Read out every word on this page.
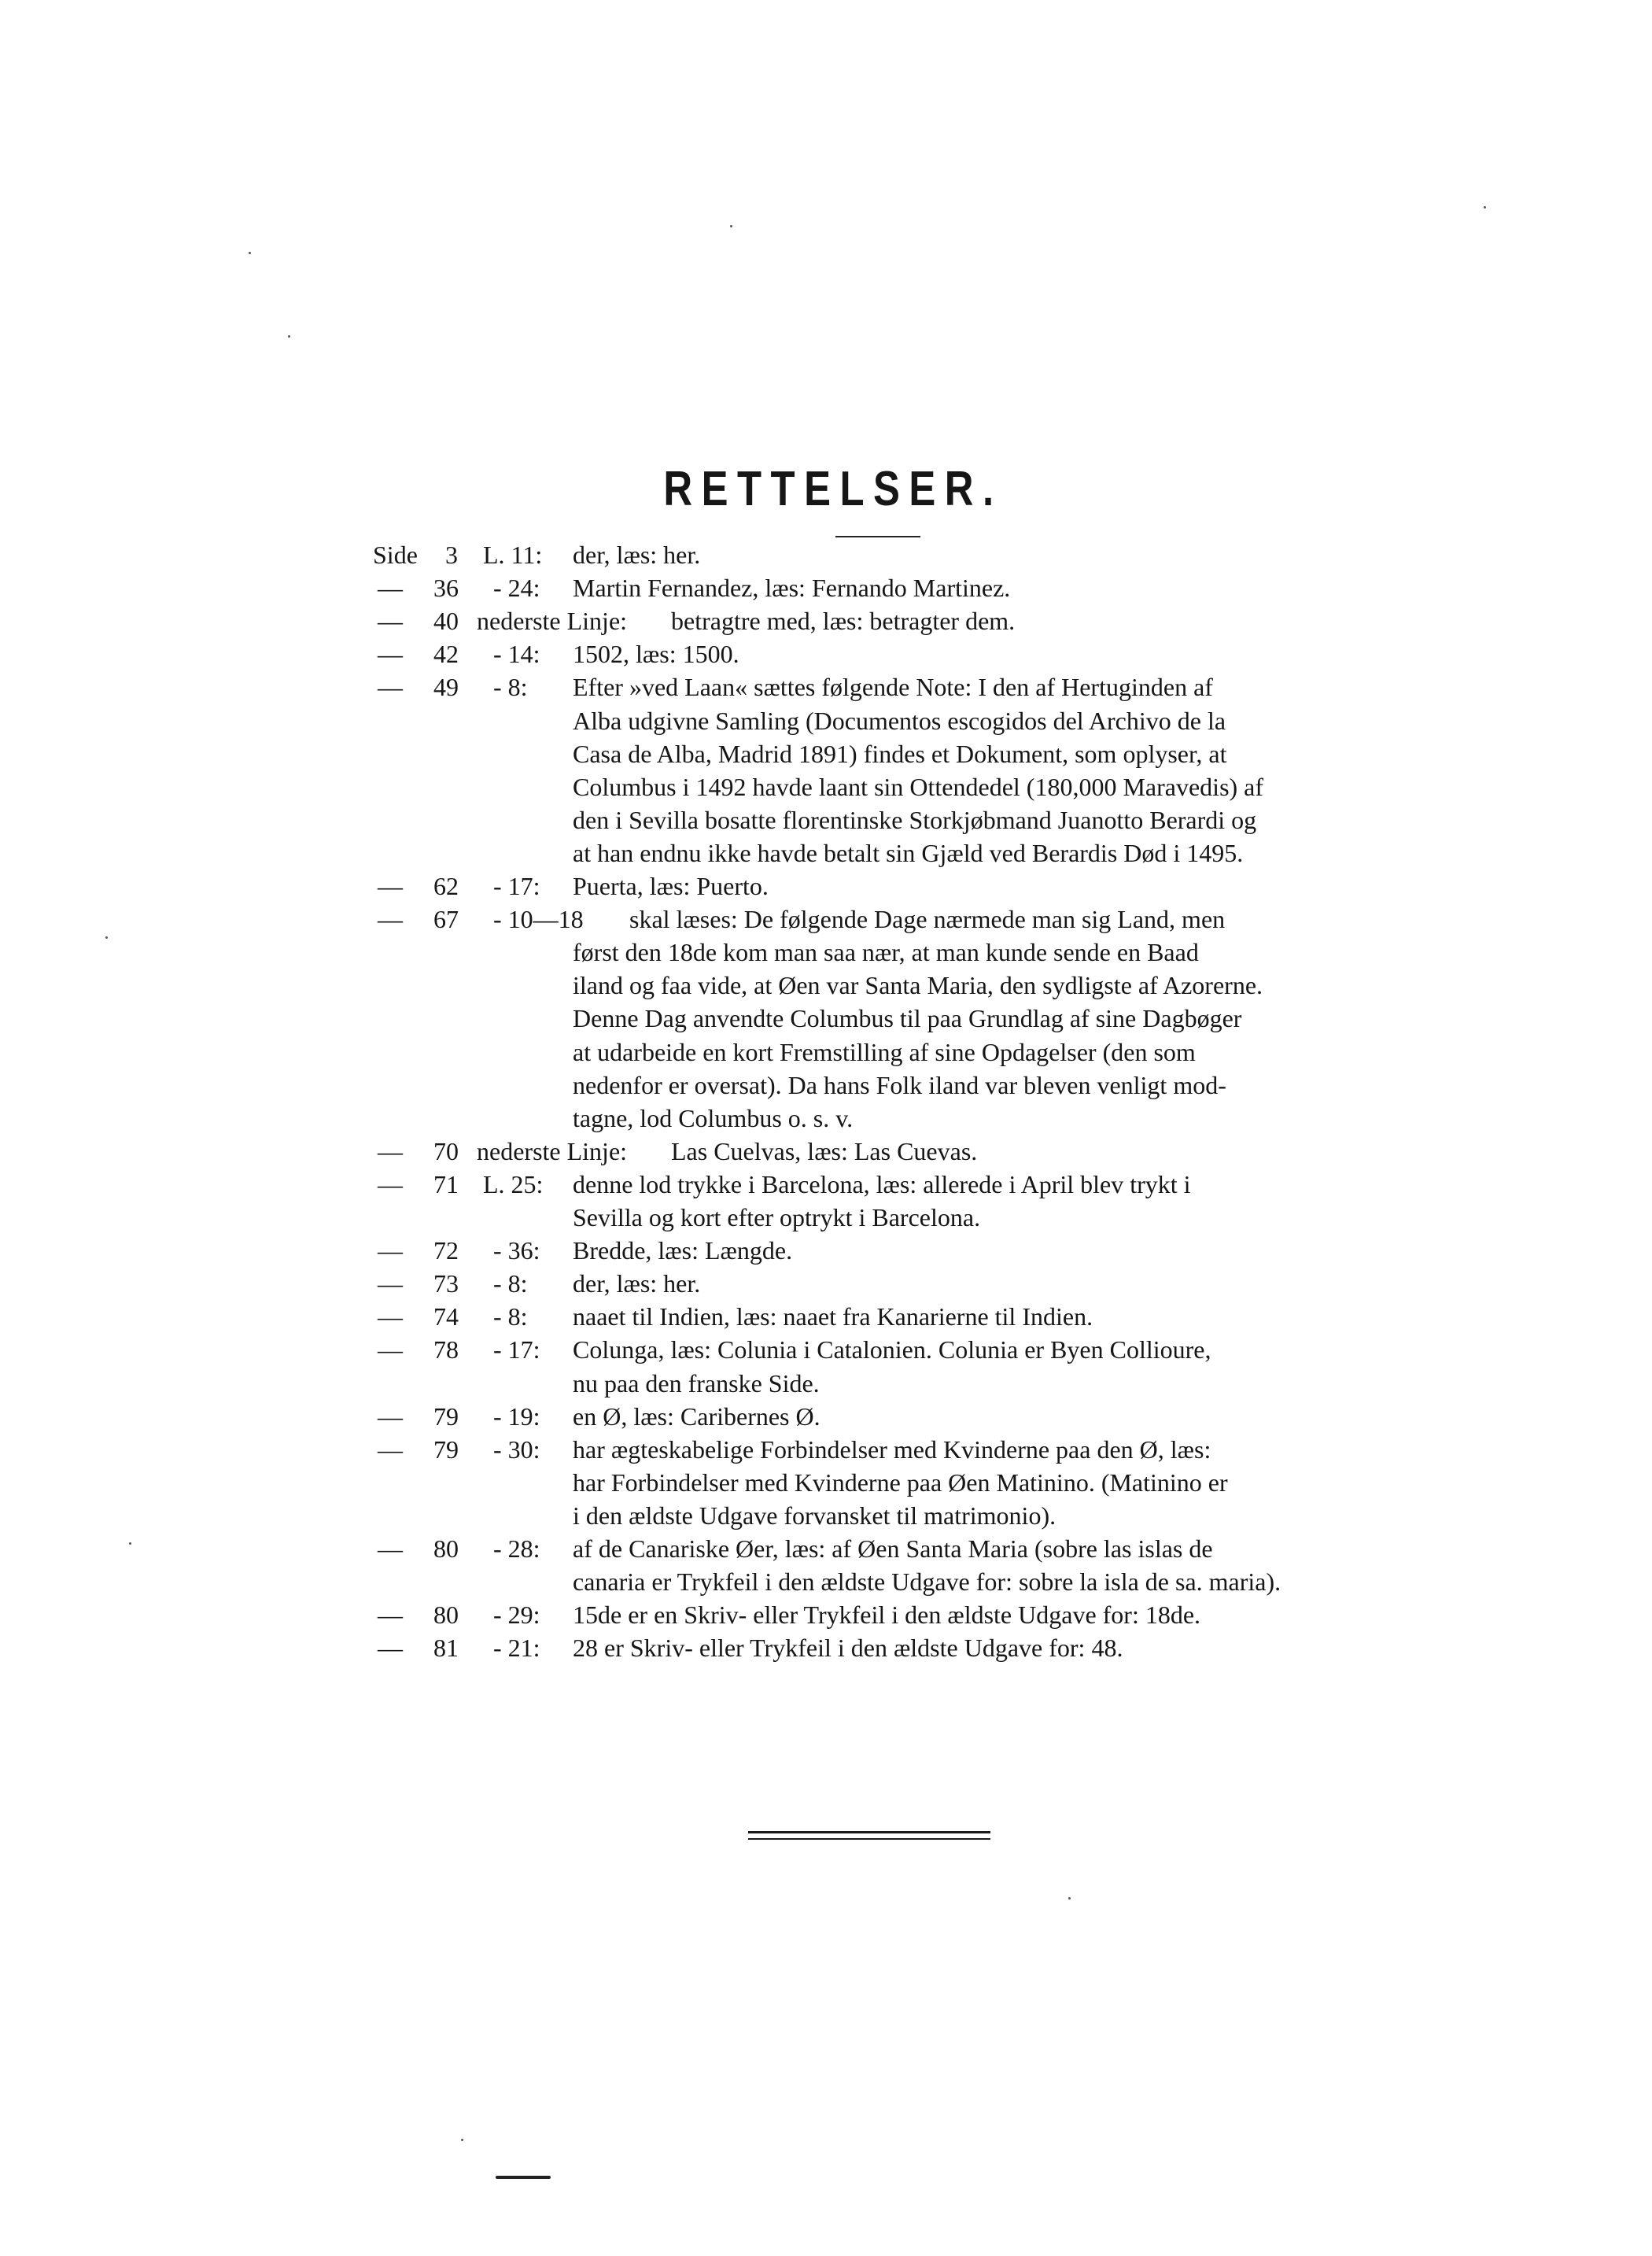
RETTELSER.
Side 3 L. 11: der, læs: her.
— 36 - 24: Martin Fernandez, læs: Fernando Martinez.
— 40 nederste Linje: betragtre med, læs: betragter dem.
— 42 - 14: 1502, læs: 1500.
— 49 - 8: Efter »ved Laan« sættes følgende Note: I den af Hertuginden af
Alba udgivne Samling (Documentos escogidos del Archivo de la
Casa de Alba, Madrid 1891) findes et Dokument, som oplyser, at
Columbus i 1492 havde laant sin Ottendedel (180,000 Maravedis) af
den i Sevilla bosatte florentinske Storkjøbmand Juanotto Berardi og
at han endnu ikke havde betalt sin Gjæld ved Berardis Død i 1495.
— 62 - 17: Puerta, læs: Puerto.
— 67 - 10—18 skal læses: De følgende Dage nærmede man sig Land, men
først den 18de kom man saa nær, at man kunde sende en Baad
iland og faa vide, at Øen var Santa Maria, den sydligste af Azorerne.
Denne Dag anvendte Columbus til paa Grundlag af sine Dagbøger
at udarbeide en kort Fremstilling af sine Opdagelser (den som
nedenfor er oversat). Da hans Folk iland var bleven venligt mod-
tagne, lod Columbus o. s. v.
— 70 nederste Linje: Las Cuelvas, læs: Las Cuevas.
— 71 L. 25: denne lod trykke i Barcelona, læs: allerede i April blev trykt i
Sevilla og kort efter optrykt i Barcelona.
— 72 - 36: Bredde, læs: Længde.
— 73 - 8: der, læs: her.
— 74 - 8: naaet til Indien, læs: naaet fra Kanarierne til Indien.
— 78 - 17: Colunga, læs: Colunia i Catalonien. Colunia er Byen Collioure,
nu paa den franske Side.
— 79 - 19: en Ø, læs: Caribernes Ø.
— 79 - 30: har ægteskabelige Forbindelser med Kvinderne paa den Ø, læs:
har Forbindelser med Kvinderne paa Øen Matinino. (Matinino er
i den ældste Udgave forvansket til matrimonio).
— 80 - 28: af de Canariske Øer, læs: af Øen Santa Maria (sobre las islas de
canaria er Trykfeil i den ældste Udgave for: sobre la isla de sa. maria).
— 80 - 29: 15de er en Skriv- eller Trykfeil i den ældste Udgave for: 18de.
— 81 - 21: 28 er Skriv- eller Trykfeil i den ældste Udgave for: 48.
